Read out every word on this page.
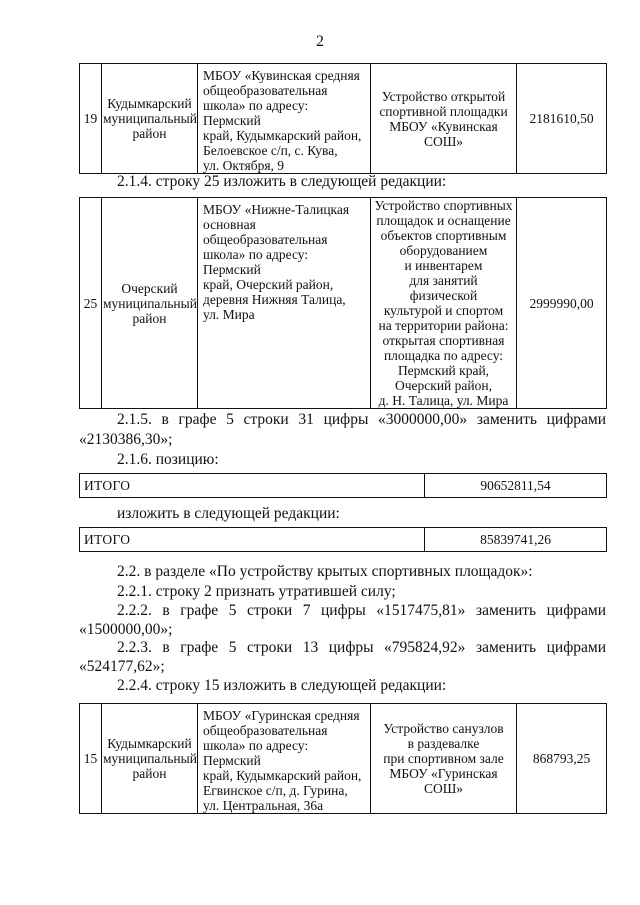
2
19	Кудымкарский
муниципальный
район	МБОУ «Кувинская средняя
общеобразовательная
школа» по адресу: Пермский
край, Кудымкарский район,
Белоевское с/п, с. Кува,
ул. Октября, 9	Устройство открытой
спортивной площадки
МБОУ «Кувинская
СОШ»	2181610,50
2.1.4. строку 25 изложить в следующей редакции:
25	Очерский
муниципальный
район	МБОУ «Нижне-Талицкая
основная
общеобразовательная
школа» по адресу: Пермский
край, Очерский район,
деревня Нижняя Талица,
ул. Мира	Устройство спортивных
площадок и оснащение
объектов спортивным
оборудованием
и инвентарем
для занятий физической
культурой и спортом
на территории района:
открытая спортивная
площадка по адресу:
Пермский край,
Очерский район,
д. Н. Талица, ул. Мира	2999990,00
2.1.5. в графе 5 строки 31 цифры «3000000,00» заменить цифрами
«2130386,30»;
2.1.6. позицию:
ИТОГО	90652811,54
изложить в следующей редакции:
ИТОГО	85839741,26
2.2. в разделе «По устройству крытых спортивных площадок»:
2.2.1. строку 2 признать утратившей силу;
2.2.2. в графе 5 строки 7 цифры «1517475,81» заменить цифрами
«1500000,00»;
2.2.3. в графе 5 строки 13 цифры «795824,92» заменить цифрами
«524177,62»;
2.2.4. строку 15 изложить в следующей редакции:
15	Кудымкарский
муниципальный
район	МБОУ «Гуринская средняя
общеобразовательная
школа» по адресу: Пермский
край, Кудымкарский район,
Егвинское с/п, д. Гурина,
ул. Центральная, 36а	Устройство санузлов
в раздевалке
при спортивном зале
МБОУ «Гуринская
СОШ»	868793,25
